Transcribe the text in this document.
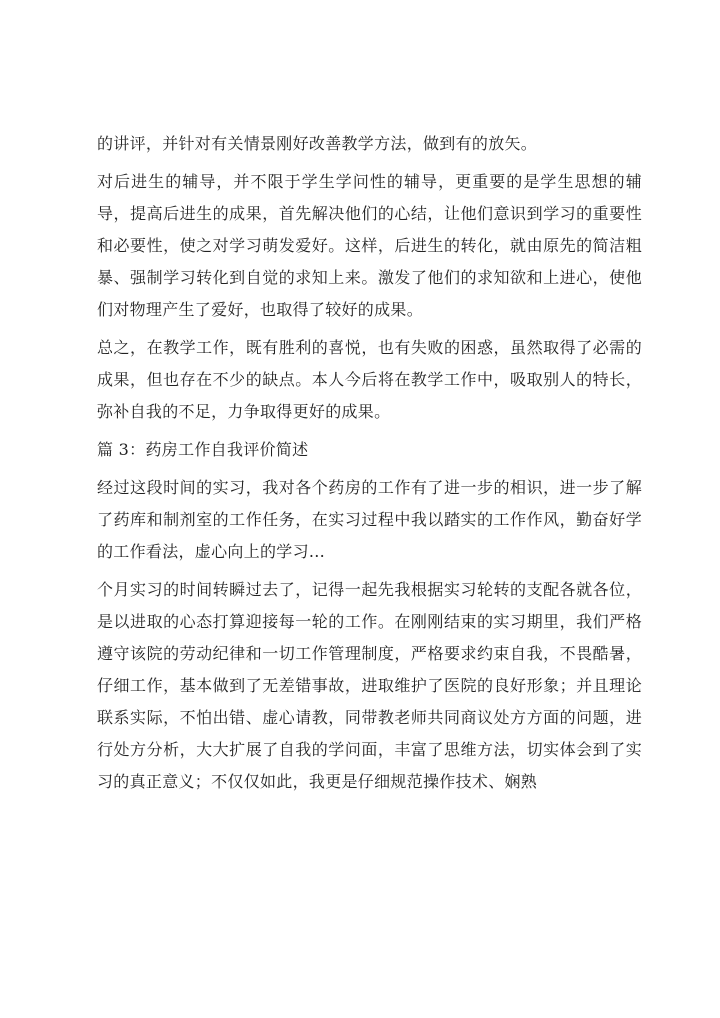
的讲评，并针对有关情景刚好改善教学方法，做到有的放矢。

对后进生的辅导，并不限于学生学问性的辅导，更重要的是学生思想的辅导，提高后进生的成果，首先解决他们的心结，让他们意识到学习的重要性和必要性，使之对学习萌发爱好。这样，后进生的转化，就由原先的简洁粗暴、强制学习转化到自觉的求知上来。激发了他们的求知欲和上进心，使他们对物理产生了爱好，也取得了较好的成果。

总之，在教学工作，既有胜利的喜悦，也有失败的困惑，虽然取得了必需的成果，但也存在不少的缺点。本人今后将在教学工作中，吸取别人的特长，弥补自我的不足，力争取得更好的成果。

篇 3：药房工作自我评价简述

经过这段时间的实习，我对各个药房的工作有了进一步的相识，进一步了解了药库和制剂室的工作任务，在实习过程中我以踏实的工作作风，勤奋好学的工作看法，虚心向上的学习...

个月实习的时间转瞬过去了，记得一起先我根据实习轮转的支配各就各位，是以进取的心态打算迎接每一轮的工作。在刚刚结束的实习期里，我们严格遵守该院的劳动纪律和一切工作管理制度，严格要求约束自我，不畏酷暑，仔细工作，基本做到了无差错事故，进取维护了医院的良好形象；并且理论联系实际，不怕出错、虚心请教，同带教老师共同商议处方方面的问题，进行处方分析，大大扩展了自我的学问面，丰富了思维方法，切实体会到了实习的真正意义；不仅仅如此，我更是仔细规范操作技术、娴熟
